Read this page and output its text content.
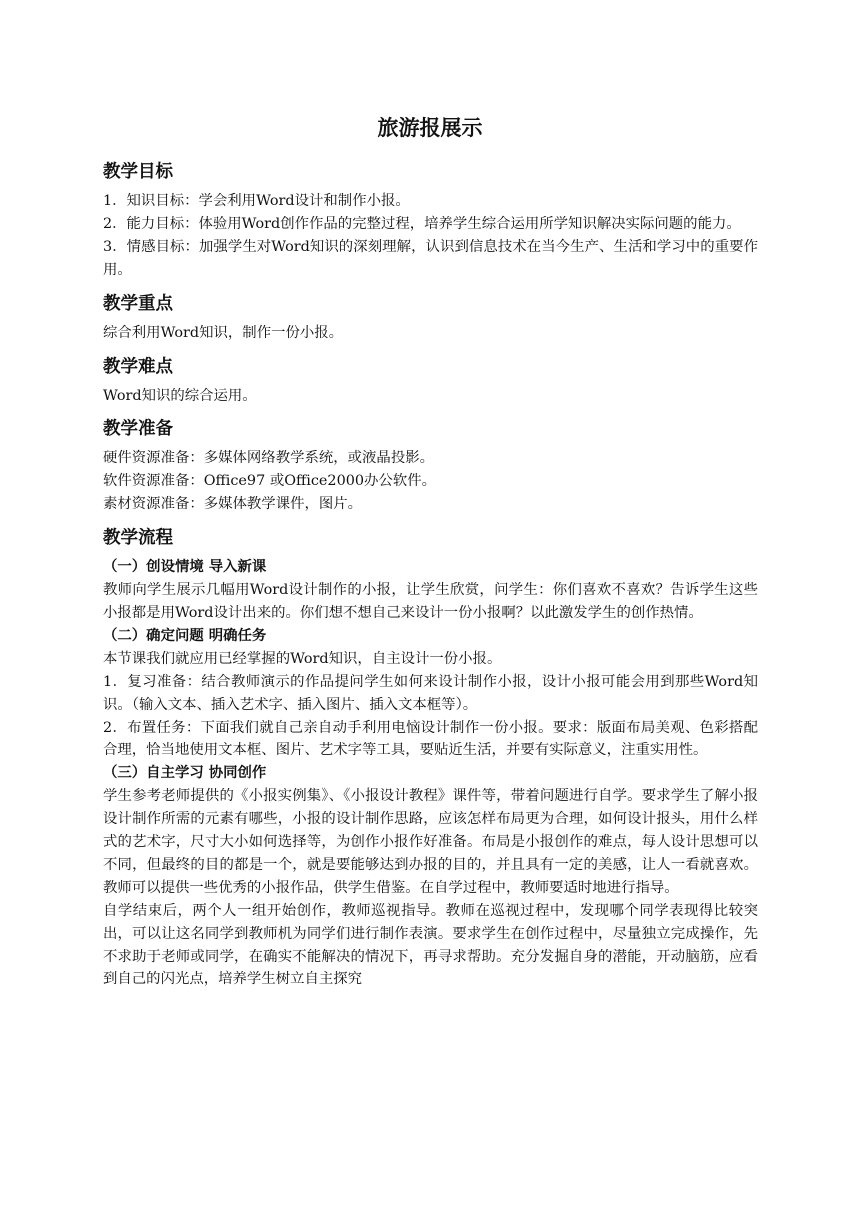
旅游报展示
教学目标

1．知识目标：学会利用Word设计和制作小报。

2．能力目标：体验用Word创作作品的完整过程，培养学生综合运用所学知识解决实际问题的能力。

3．情感目标：加强学生对Word知识的深刻理解，认识到信息技术在当今生产、生活和学习中的重要作用。

教学重点

综合利用Word知识，制作一份小报。

教学难点

Word知识的综合运用。

教学准备

硬件资源准备：多媒体网络教学系统，或液晶投影。

软件资源准备：Office97 或Office2000办公软件。

素材资源准备：多媒体教学课件，图片。

教学流程

（一）创设情境 导入新课

教师向学生展示几幅用Word设计制作的小报，让学生欣赏，问学生：你们喜欢不喜欢？告诉学生这些小报都是用Word设计出来的。你们想不想自己来设计一份小报啊？以此激发学生的创作热情。

（二）确定问题 明确任务

本节课我们就应用已经掌握的Word知识，自主设计一份小报。

1．复习准备：结合教师演示的作品提问学生如何来设计制作小报，设计小报可能会用到那些Word知识。（输入文本、插入艺术字、插入图片、插入文本框等）。

2．布置任务：下面我们就自己亲自动手利用电恼设计制作一份小报。要求：版面布局美观、色彩搭配合理，恰当地使用文本框、图片、艺术字等工具，要贴近生活，并要有实际意义，注重实用性。

（三）自主学习 协同创作

学生参考老师提供的《小报实例集》、《小报设计教程》课件等，带着问题进行自学。要求学生了解小报设计制作所需的元素有哪些，小报的设计制作思路，应该怎样布局更为合理，如何设计报头，用什么样式的艺术字，尺寸大小如何选择等，为创作小报作好准备。布局是小报创作的难点，每人设计思想可以不同，但最终的目的都是一个，就是要能够达到办报的目的，并且具有一定的美感，让人一看就喜欢。教师可以提供一些优秀的小报作品，供学生借鉴。在自学过程中，教师要适时地进行指导。

自学结束后，两个人一组开始创作，教师巡视指导。教师在巡视过程中，发现哪个同学表现得比较突出，可以让这名同学到教师机为同学们进行制作表演。要求学生在创作过程中，尽量独立完成操作，先不求助于老师或同学，在确实不能解决的情况下，再寻求帮助。充分发掘自身的潜能，开动脑筋，应看到自己的闪光点，培养学生树立自主探究
